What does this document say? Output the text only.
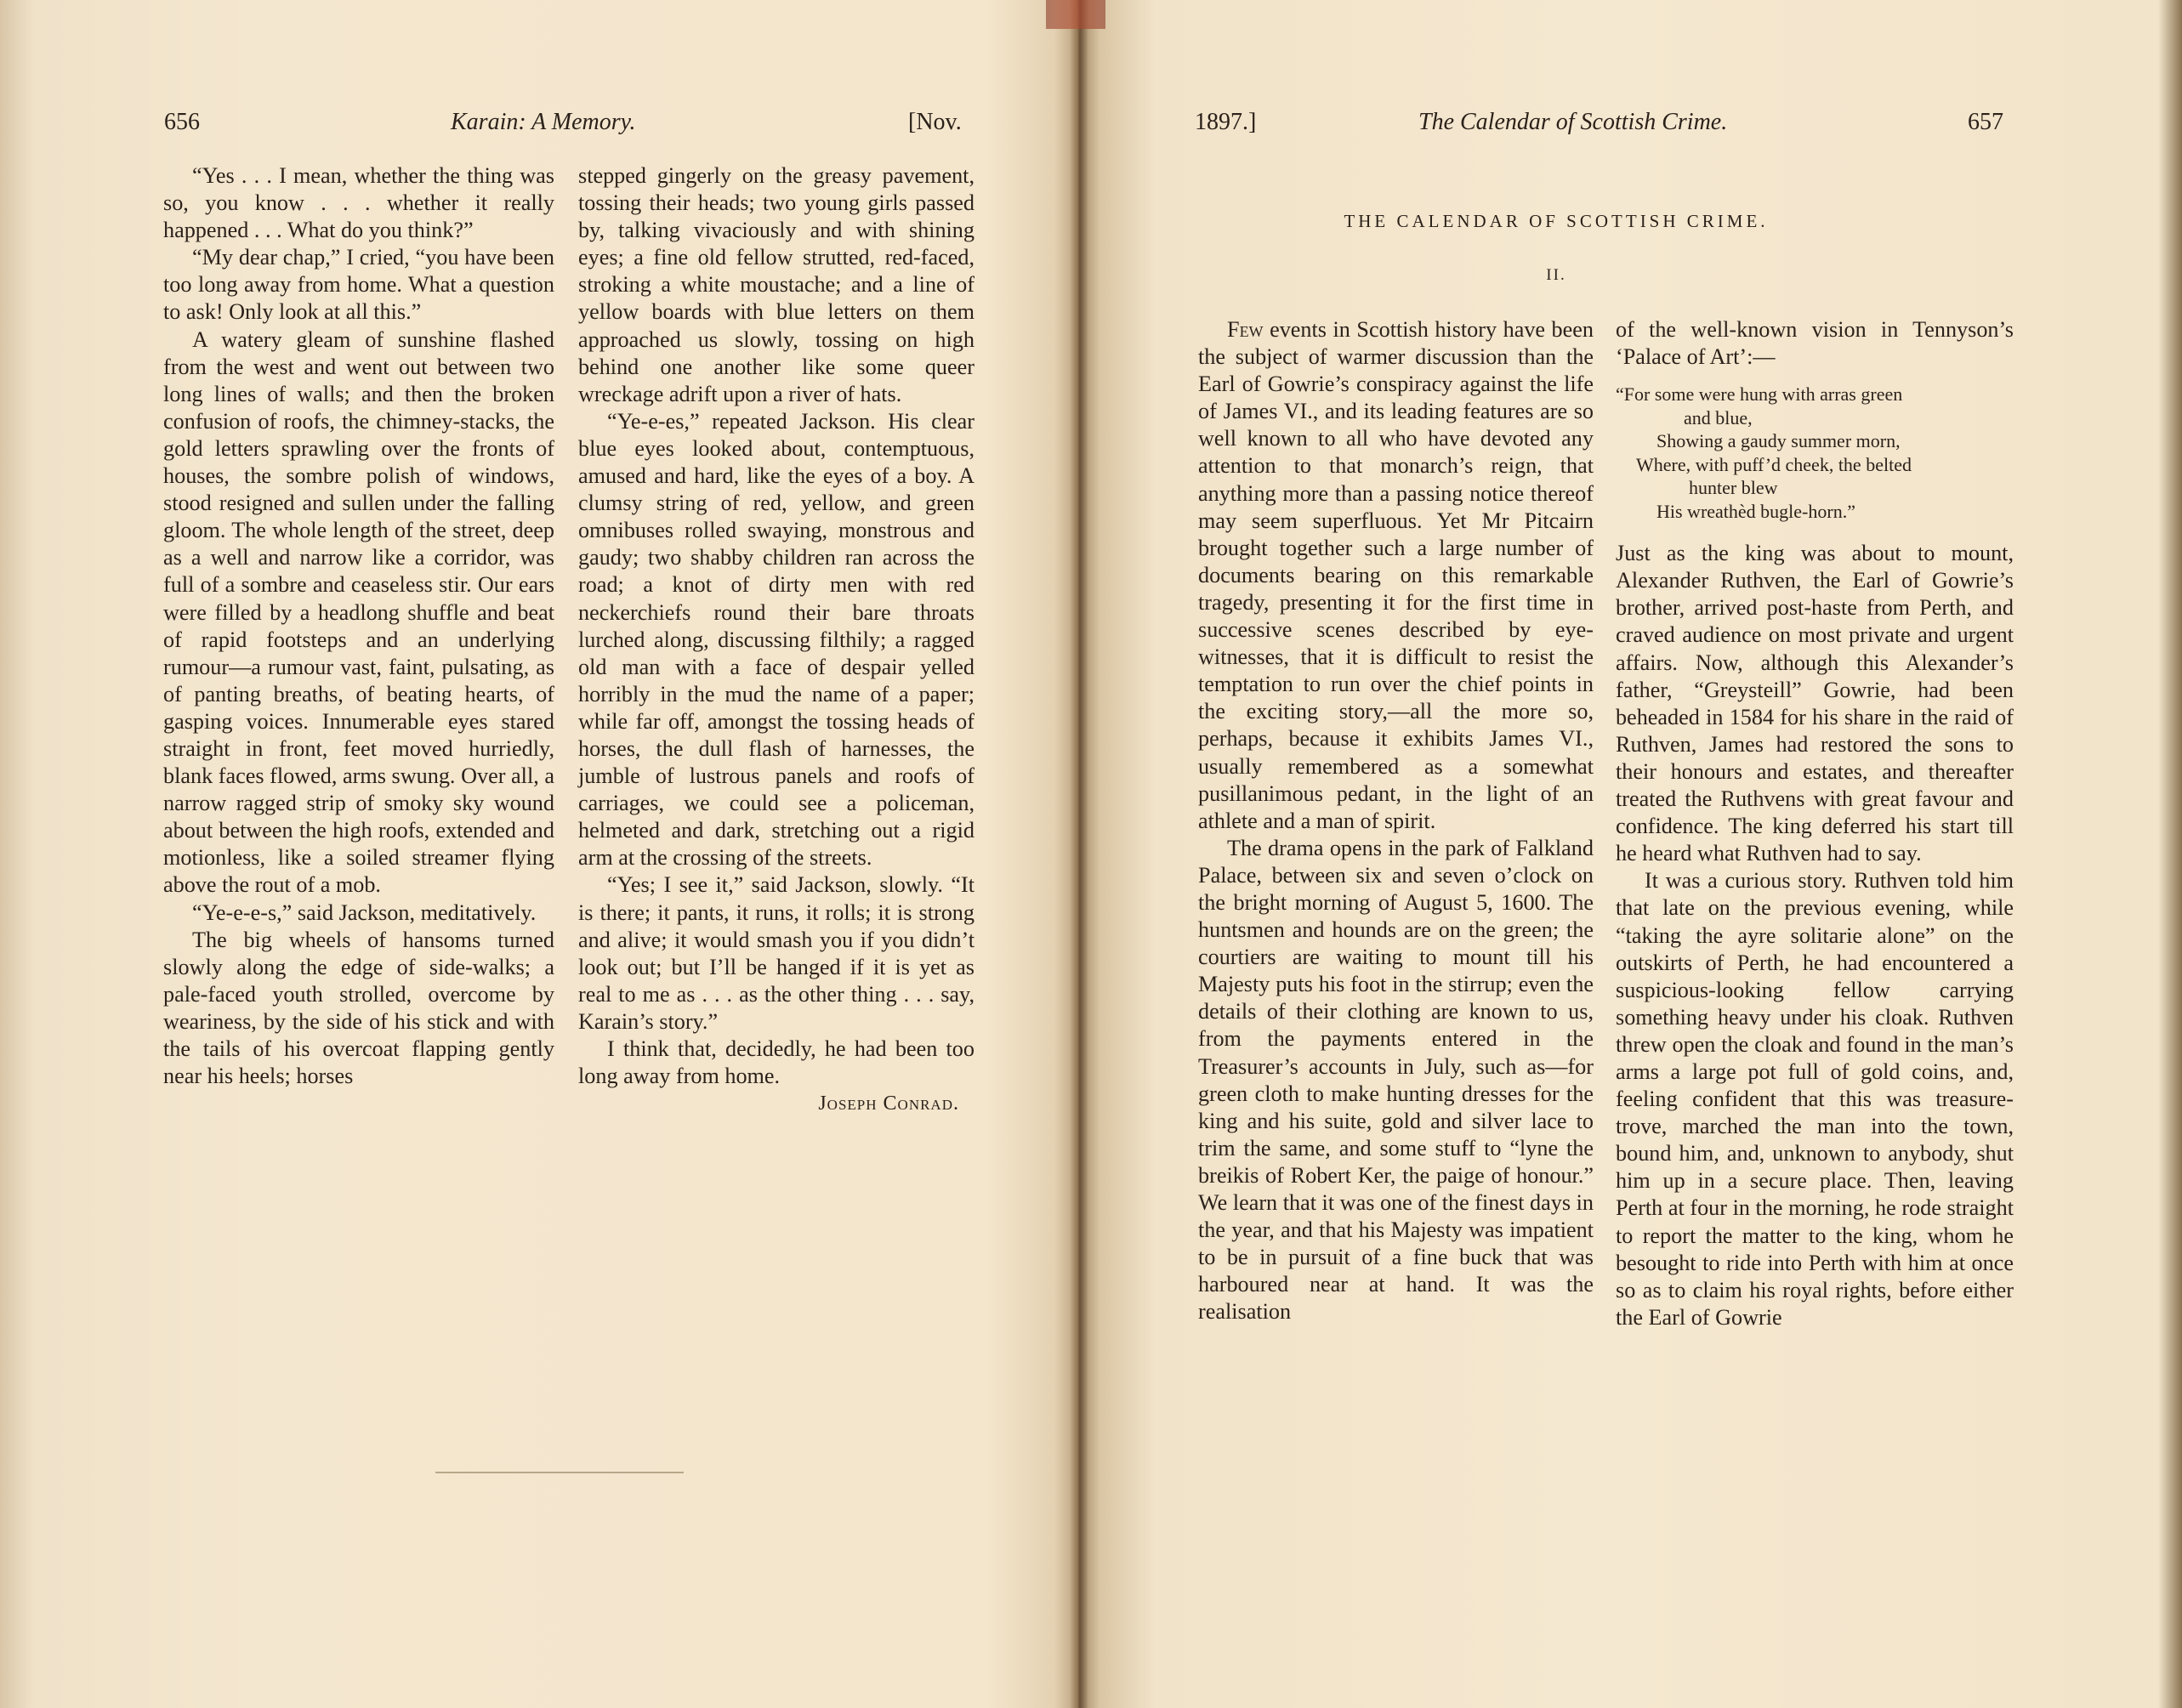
656	Karain: A Memory.	[Nov.

“Yes . . . I mean, whether the thing was so, you know . . . whether it really happened . . . What do you think?”

“My dear chap,” I cried, “you have been too long away from home. What a question to ask! Only look at all this.”

A watery gleam of sunshine flashed from the west and went out between two long lines of walls; and then the broken confusion of roofs, the chimney-stacks, the gold letters sprawling over the fronts of houses, the sombre polish of windows, stood resigned and sullen under the falling gloom. The whole length of the street, deep as a well and narrow like a corridor, was full of a sombre and ceaseless stir. Our ears were filled by a headlong shuffle and beat of rapid footsteps and an underlying rumour—a rumour vast, faint, pulsating, as of panting breaths, of beating hearts, of gasping voices. Innumerable eyes stared straight in front, feet moved hurriedly, blank faces flowed, arms swung. Over all, a narrow ragged strip of smoky sky wound about between the high roofs, extended and motionless, like a soiled streamer flying above the rout of a mob.

“Ye-e-e-s,” said Jackson, meditatively.

The big wheels of hansoms turned slowly along the edge of side-walks; a pale-faced youth strolled, overcome by weariness, by the side of his stick and with the tails of his overcoat flapping gently near his heels; horses

stepped gingerly on the greasy pavement, tossing their heads; two young girls passed by, talking vivaciously and with shining eyes; a fine old fellow strutted, red-faced, stroking a white moustache; and a line of yellow boards with blue letters on them approached us slowly, tossing on high behind one another like some queer wreckage adrift upon a river of hats.

“Ye-e-es,” repeated Jackson. His clear blue eyes looked about, contemptuous, amused and hard, like the eyes of a boy. A clumsy string of red, yellow, and green omnibuses rolled swaying, monstrous and gaudy; two shabby children ran across the road; a knot of dirty men with red neckerchiefs round their bare throats lurched along, discussing filthily; a ragged old man with a face of despair yelled horribly in the mud the name of a paper; while far off, amongst the tossing heads of horses, the dull flash of harnesses, the jumble of lustrous panels and roofs of carriages, we could see a policeman, helmeted and dark, stretching out a rigid arm at the crossing of the streets.

“Yes; I see it,” said Jackson, slowly. “It is there; it pants, it runs, it rolls; it is strong and alive; it would smash you if you didn’t look out; but I’ll be hanged if it is yet as real to me as . . . as the other thing . . . say, Karain’s story.”

I think that, decidedly, he had been too long away from home.

Joseph Conrad.

1897.]	The Calendar of Scottish Crime.	657
THE CALENDAR OF SCOTTISH CRIME.
II.

Few events in Scottish history have been the subject of warmer discussion than the Earl of Gowrie’s conspiracy against the life of James VI., and its leading features are so well known to all who have devoted any attention to that monarch’s reign, that anything more than a passing notice thereof may seem superfluous. Yet Mr Pitcairn brought together such a large number of documents bearing on this remarkable tragedy, presenting it for the first time in successive scenes described by eye-witnesses, that it is difficult to resist the temptation to run over the chief points in the exciting story,—all the more so, perhaps, because it exhibits James VI., usually remembered as a somewhat pusillanimous pedant, in the light of an athlete and a man of spirit.

The drama opens in the park of Falkland Palace, between six and seven o’clock on the bright morning of August 5, 1600. The huntsmen and hounds are on the green; the courtiers are waiting to mount till his Majesty puts his foot in the stirrup; even the details of their clothing are known to us, from the payments entered in the Treasurer’s accounts in July, such as—for green cloth to make hunting dresses for the king and his suite, gold and silver lace to trim the same, and some stuff to “lyne the breikis of Robert Ker, the paige of honour.” We learn that it was one of the finest days in the year, and that his Majesty was impatient to be in pursuit of a fine buck that was harboured near at hand. It was the realisation

of the well-known vision in Tennyson’s ‘Palace of Art’:—

“For some were hung with arras green
and blue,
Showing a gaudy summer morn,
Where, with puff’d cheek, the belted
hunter blew
His wreathèd bugle-horn.”

Just as the king was about to mount, Alexander Ruthven, the Earl of Gowrie’s brother, arrived post-haste from Perth, and craved audience on most private and urgent affairs. Now, although this Alexander’s father, “Greysteill” Gowrie, had been beheaded in 1584 for his share in the raid of Ruthven, James had restored the sons to their honours and estates, and thereafter treated the Ruthvens with great favour and confidence. The king deferred his start till he heard what Ruthven had to say.

It was a curious story. Ruthven told him that late on the previous evening, while “taking the ayre solitarie alone” on the outskirts of Perth, he had encountered a suspicious-looking fellow carrying something heavy under his cloak. Ruthven threw open the cloak and found in the man’s arms a large pot full of gold coins, and, feeling confident that this was treasure-trove, marched the man into the town, bound him, and, unknown to anybody, shut him up in a secure place. Then, leaving Perth at four in the morning, he rode straight to report the matter to the king, whom he besought to ride into Perth with him at once so as to claim his royal rights, before either the Earl of Gowrie
